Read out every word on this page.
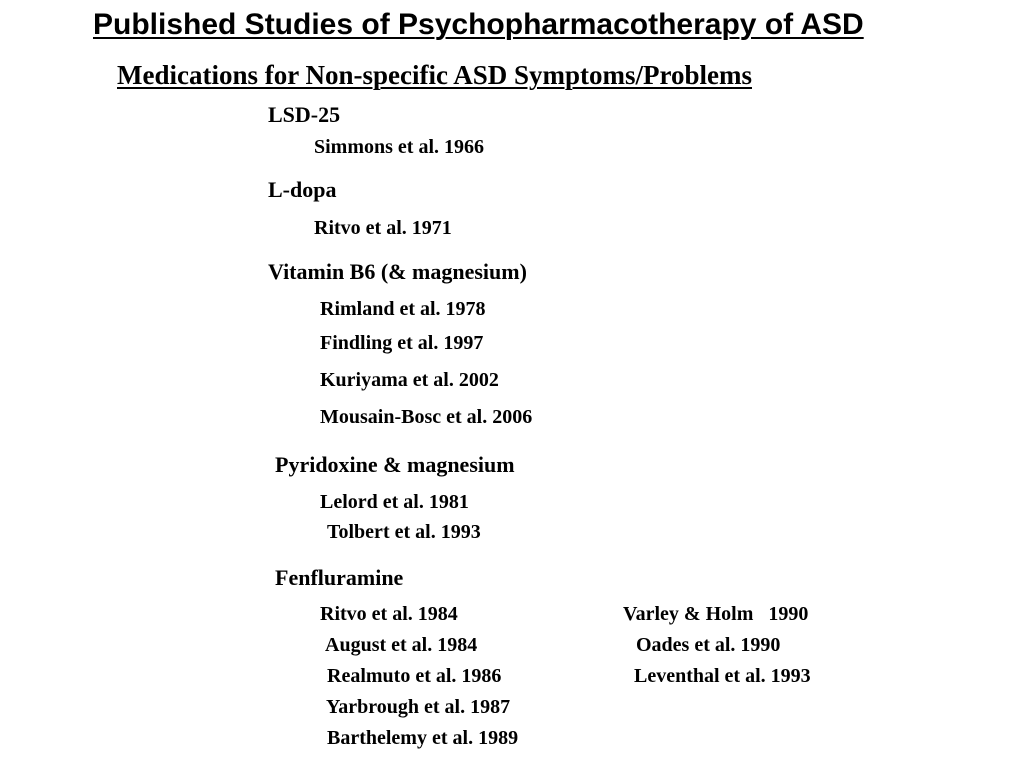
Published Studies of Psychopharmacotherapy of ASD
Medications for Non-specific ASD Symptoms/Problems
LSD-25
Simmons et al. 1966
L-dopa
Ritvo et al. 1971
Vitamin B6 (& magnesium)
Rimland et al. 1978
Findling et al. 1997
Kuriyama et al. 2002
Mousain-Bosc et al. 2006
Pyridoxine & magnesium
Lelord et al. 1981
Tolbert et al. 1993
Fenfluramine
Ritvo et al. 1984
August et al. 1984
Realmuto et al. 1986
Yarbrough et al. 1987
Barthelemy et al. 1989
Varley & Holm   1990
Oades et al. 1990
Leventhal et al. 1993
